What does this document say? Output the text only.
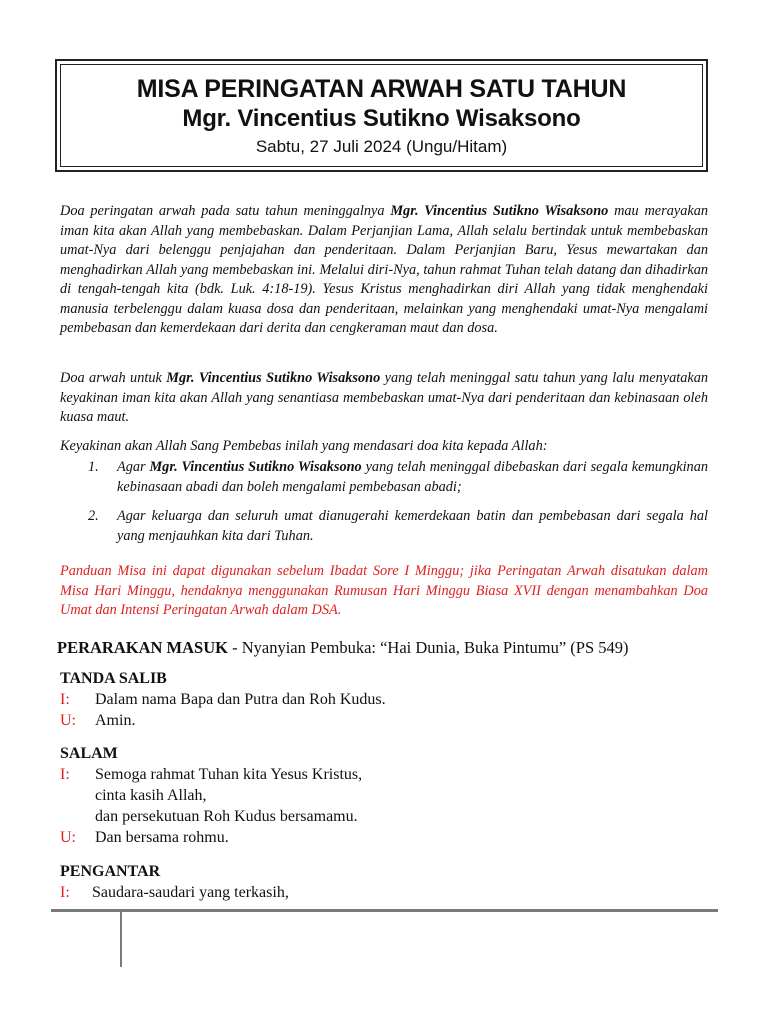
MISA PERINGATAN ARWAH SATU TAHUN
Mgr. Vincentius Sutikno Wisaksono
Sabtu, 27 Juli 2024 (Ungu/Hitam)
Doa peringatan arwah pada satu tahun meninggalnya Mgr. Vincentius Sutikno Wisaksono mau merayakan iman kita akan Allah yang membebaskan. Dalam Perjanjian Lama, Allah selalu bertindak untuk membebaskan umat-Nya dari belenggu penjajahan dan penderitaan. Dalam Perjanjian Baru, Yesus mewartakan dan menghadirkan Allah yang membebaskan ini. Melalui diri-Nya, tahun rahmat Tuhan telah datang dan dihadirkan di tengah-tengah kita (bdk. Luk. 4:18-19). Yesus Kristus menghadirkan diri Allah yang tidak menghendaki manusia terbelenggu dalam kuasa dosa dan penderitaan, melainkan yang menghendaki umat-Nya mengalami pembebasan dan kemerdekaan dari derita dan cengkeraman maut dan dosa.
Doa arwah untuk Mgr. Vincentius Sutikno Wisaksono yang telah meninggal satu tahun yang lalu menyatakan keyakinan iman kita akan Allah yang senantiasa membebaskan umat-Nya dari penderitaan dan kebinasaan oleh kuasa maut.
Keyakinan akan Allah Sang Pembebas inilah yang mendasari doa kita kepada Allah:
1. Agar Mgr. Vincentius Sutikno Wisaksono yang telah meninggal dibebaskan dari segala kemungkinan kebinasaan abadi dan boleh mengalami pembebasan abadi;
2. Agar keluarga dan seluruh umat dianugerahi kemerdekaan batin dan pembebasan dari segala hal yang menjauhkan kita dari Tuhan.
Panduan Misa ini dapat digunakan sebelum Ibadat Sore I Minggu; jika Peringatan Arwah disatukan dalam Misa Hari Minggu, hendaknya menggunakan Rumusan Hari Minggu Biasa XVII dengan menambahkan Doa Umat dan Intensi Peringatan Arwah dalam DSA.
PERARAKAN MASUK - Nyanyian Pembuka: “Hai Dunia, Buka Pintumu” (PS 549)
TANDA SALIB
I: Dalam nama Bapa dan Putra dan Roh Kudus.
U: Amin.
SALAM
I: Semoga rahmat Tuhan kita Yesus Kristus,
cinta kasih Allah,
dan persekutuan Roh Kudus bersamamu.
U: Dan bersama rohmu.
PENGANTAR
I: Saudara-saudari yang terkasih,
